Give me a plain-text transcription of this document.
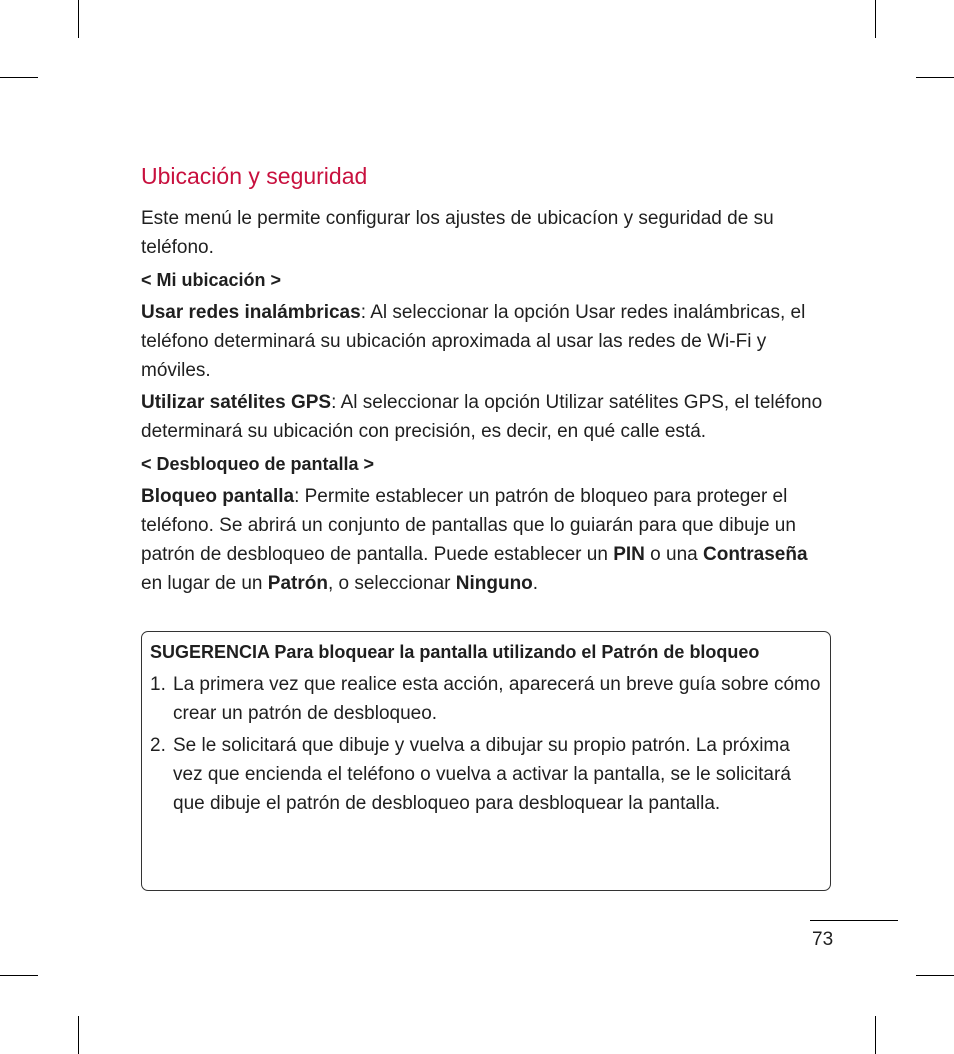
Ubicación y seguridad

Este menú le permite configurar los ajustes de ubicacíon y seguridad de su teléfono.

< Mi ubicación >

Usar redes inalámbricas: Al seleccionar la opción Usar redes inalámbricas, el teléfono determinará su ubicación aproximada al usar las redes de Wi-Fi y móviles.

Utilizar satélites GPS: Al seleccionar la opción Utilizar satélites GPS, el teléfono determinará su ubicación con precisión, es decir, en qué calle está.

< Desbloqueo de pantalla >

Bloqueo pantalla: Permite establecer un patrón de bloqueo para proteger el teléfono. Se abrirá un conjunto de pantallas que lo guiarán para que dibuje un patrón de desbloqueo de pantalla. Puede establecer un PIN o una Contraseña en lugar de un Patrón, o seleccionar Ninguno.

SUGERENCIA Para bloquear la pantalla utilizando el Patrón de bloqueo

1. La primera vez que realice esta acción, aparecerá un breve guía sobre cómo crear un patrón de desbloqueo.
2. Se le solicitará que dibuje y vuelva a dibujar su propio patrón. La próxima vez que encienda el teléfono o vuelva a activar la pantalla, se le solicitará que dibuje el patrón de desbloqueo para desbloquear la pantalla.
73
